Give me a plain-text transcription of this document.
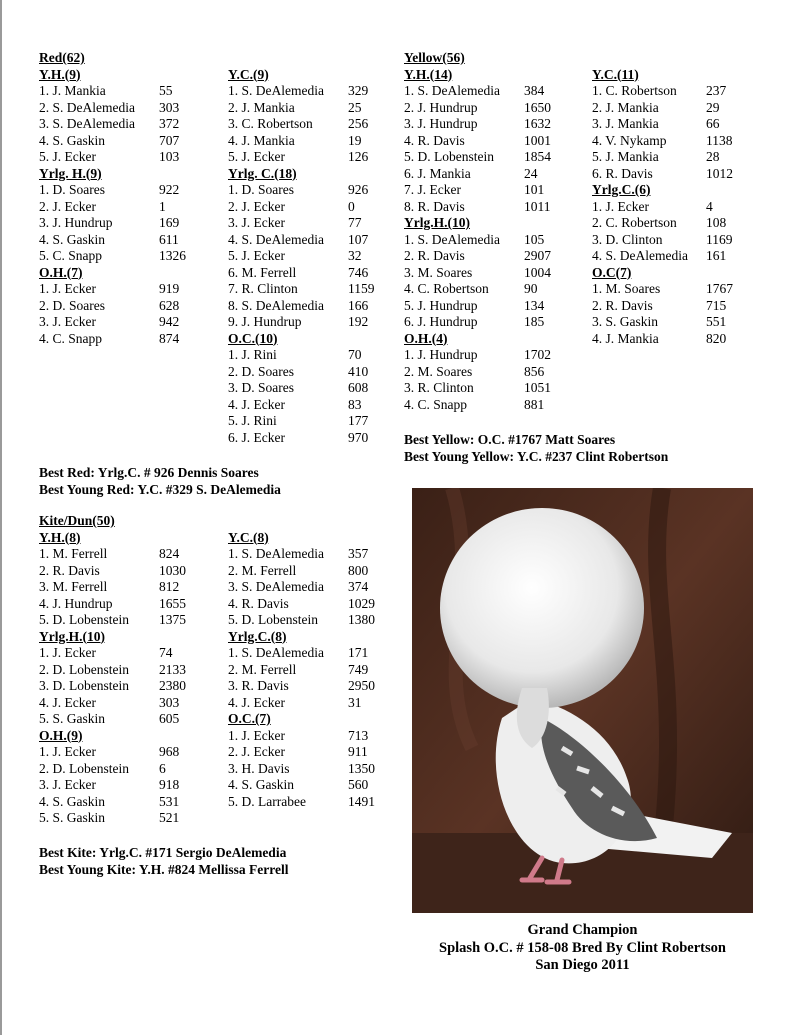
Red(62)
Y.H.(9)
1. J. Mankia	55
2. S. DeAlemedia 303
3. S. DeAlemedia 372
4. S. Gaskin	707
5. J. Ecker	103
Yrlg. H.(9)
1. D. Soares	922
2. J. Ecker	1
3. J. Hundrup	169
4. S. Gaskin	611
5. C. Snapp	1326
O.H.(7)
1. J. Ecker	919
2. D. Soares	628
3. J. Ecker	942
4. C. Snapp	874
Y.C.(9)
1. S. DeAlemedia 329
2. J. Mankia	25
3. C. Robertson	256
4. J. Mankia	19
5. J. Ecker	126
Yrlg. C.(18)
1. D. Soares	926
2. J. Ecker	0
3. J. Ecker	77
4. S. DeAlemedia 107
5. J. Ecker	32
6. M. Ferrell	746
7. R. Clinton	1159
8. S. DeAlemedia 166
9. J. Hundrup	192
O.C.(10)
1. J. Rini	70
2. D. Soares	410
3. D. Soares	608
4. J. Ecker	83
5. J. Rini	177
6. J. Ecker	970
Best Red: Yrlg.C. # 926 Dennis Soares
Best Young Red: Y.C. #329 S. DeAlemedia
Yellow(56)
Y.H.(14)
1. S. DeAlemedia 384
2. J. Hundrup	1650
3. J. Hundrup	1632
4. R. Davis	1001
5. D. Lobenstein 1854
6. J. Mankia	24
7. J. Ecker	101
8. R. Davis	1011
Yrlg.H.(10)
1. S. DeAlemedia 105
2. R. Davis	2907
3. M. Soares	1004
4. C. Robertson	90
5. J. Hundrup	134
6. J. Hundrup	185
O.H.(4)
1. J. Hundrup	1702
2. M. Soares	856
3. R. Clinton	1051
4. C. Snapp	881
Y.C.(11)
1. C. Robertson 237
2. J. Mankia	29
3. J. Mankia	66
4. V. Nykamp	1138
5. J. Mankia	28
6. R. Davis	1012
Yrlg.C.(6)
1. J. Ecker	4
2. C. Robertson 108
3. D. Clinton	1169
4. S. DeAlemedia 161
O.C(7)
1. M. Soares	1767
2. R. Davis	715
3. S. Gaskin	551
4. J. Mankia	820
Best Yellow: O.C. #1767 Matt Soares
Best Young Yellow: Y.C. #237 Clint Robertson
Kite/Dun(50)
Y.H.(8)
1. M. Ferrell	824
2. R. Davis	1030
3. M. Ferrell	812
4. J. Hundrup	1655
5. D. Lobenstein 1375
Yrlg.H.(10)
1. J. Ecker	74
2. D. Lobenstein 2133
3. D. Lobenstein 2380
4. J. Ecker	303
5. S. Gaskin	605
O.H.(9)
1. J. Ecker	968
2. D. Lobenstein 6
3. J. Ecker	918
4. S. Gaskin	531
5. S. Gaskin	521
Y.C.(8)
1. S. DeAlemedia 357
2. M. Ferrell	800
3. S. DeAlemedia 374
4. R. Davis	1029
5. D. Lobenstein 1380
Yrlg.C.(8)
1. S. DeAlemedia 171
2. M. Ferrell	749
3. R. Davis	2950
4. J. Ecker	31
O.C.(7)
1. J. Ecker	713
2. J. Ecker	911
3. H. Davis	1350
4. S. Gaskin	560
5. D. Larrabee	1491
Best Kite: Yrlg.C. #171 Sergio DeAlemedia
Best Young Kite: Y.H. #824 Mellissa Ferrell
Grand Champion
Splash O.C. # 158-08 Bred By Clint Robertson
San Diego 2011
